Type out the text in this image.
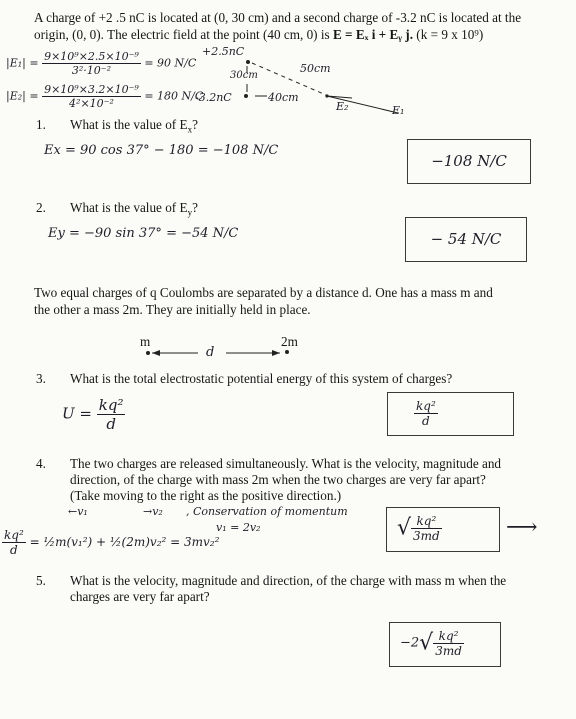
A charge of +2 .5 nC is located at (0, 30 cm) and a second charge of -3.2 nC is located at the
origin, (0, 0). The electric field at the point (40 cm, 0) is E = Eₓ i + Eᵧ j. (k = 9 x 10⁹)
$|E_1| = \frac{\text{9×10⁹×2.5×10⁻⁹}}{\text{3²·10⁻²}} = 90$ N/C
$|E_2| = \frac{\text{9×10⁹×3.2×10⁻⁹}}{\text{4²×10⁻²}} = 180$ N/C
+2.5nC
30cm
50cm
-3.2nC	40cm
E₂	E₁
1. What is the value of $E_x$?
Ex = 90 cos 37° − 180 = −108 N/C
−108 N/C
2. What is the value of $E_y$?
Ey = −90 sin 37° = −54 N/C	− 54 N/C
Two equal charges of q Coulombs are separated by a distance d. One has a mass m and
the other a mass 2m. They are initially held in place.
m	2m
d
3. What is the total electrostatic potential energy of this system of charges?
$U = \frac{\text{kq²}}{d}$	$\frac{\text{kq²}}{d}$
4. The two charges are released simultaneously. What is the velocity, magnitude and
direction, of the charge with mass 2m when the two charges are very far apart?
(Take moving to the right as the positive direction.)
←v₁	→v₂ , Conservation of momentum
v₁ = 2v₂
$\frac{\text{kq²}}{d}$ = ½m(v₁²) + ½(2m)v₂² = 3mv₂²
√ $\frac{\text{kq²}}{3md}$	⟶
5. What is the velocity, magnitude and direction, of the charge with mass m when the
charges are very far apart?
$-2√ \frac{\text{kq²}}{3md}$
